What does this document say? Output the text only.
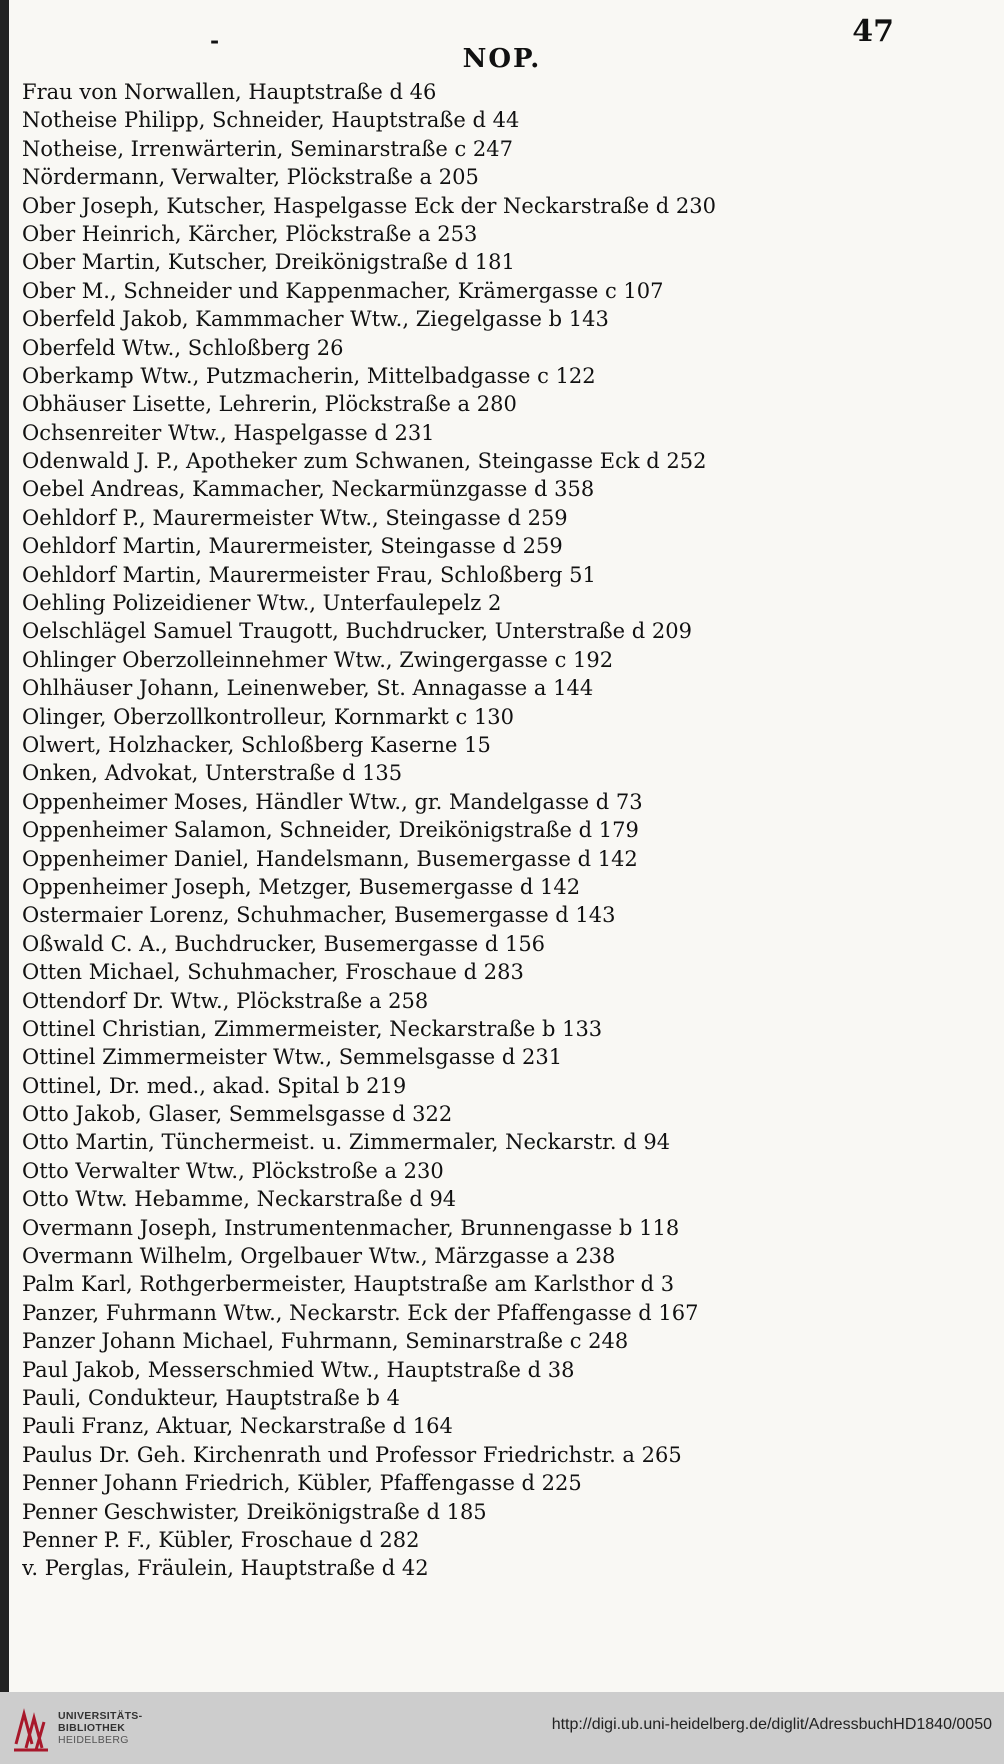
-	47
NOP.
Frau von Norwallen, Hauptstraße d 46
Notheise Philipp, Schneider, Hauptstraße d 44
Notheise, Irrenwärterin, Seminarstraße c 247
Nördermann, Verwalter, Plöckstraße a 205
Ober Joseph, Kutscher, Haspelgasse Eck der Neckarstraße d 230
Ober Heinrich, Kärcher, Plöckstraße a 253
Ober Martin, Kutscher, Dreikönigstraße d 181
Ober M., Schneider und Kappenmacher, Krämergasse c 107
Oberfeld Jakob, Kammmacher Wtw., Ziegelgasse b 143
Oberfeld Wtw., Schloßberg 26
Oberkamp Wtw., Putzmacherin, Mittelbadgasse c 122
Obhäuser Lisette, Lehrerin, Plöckstraße a 280
Ochsenreiter Wtw., Haspelgasse d 231
Odenwald J. P., Apotheker zum Schwanen, Steingasse Eck d 252
Oebel Andreas, Kammacher, Neckarmünzgasse d 358
Oehldorf P., Maurermeister Wtw., Steingasse d 259
Oehldorf Martin, Maurermeister, Steingasse d 259
Oehldorf Martin, Maurermeister Frau, Schloßberg 51
Oehling Polizeidiener Wtw., Unterfaulepelz 2
Oelschlägel Samuel Traugott, Buchdrucker, Unterstraße d 209
Ohlinger Oberzolleinnehmer Wtw., Zwingergasse c 192
Ohlhäuser Johann, Leinenweber, St. Annagasse a 144
Olinger, Oberzollkontrolleur, Kornmarkt c 130
Olwert, Holzhacker, Schloßberg Kaserne 15
Onken, Advokat, Unterstraße d 135
Oppenheimer Moses, Händler Wtw., gr. Mandelgasse d 73
Oppenheimer Salamon, Schneider, Dreikönigstraße d 179
Oppenheimer Daniel, Handelsmann, Busemergasse d 142
Oppenheimer Joseph, Metzger, Busemergasse d 142
Ostermaier Lorenz, Schuhmacher, Busemergasse d 143
Oßwald C. A., Buchdrucker, Busemergasse d 156
Otten Michael, Schuhmacher, Froschaue d 283
Ottendorf Dr. Wtw., Plöckstraße a 258
Ottinel Christian, Zimmermeister, Neckarstraße b 133
Ottinel Zimmermeister Wtw., Semmelsgasse d 231
Ottinel, Dr. med., akad. Spital b 219
Otto Jakob, Glaser, Semmelsgasse d 322
Otto Martin, Tünchermeist. u. Zimmermaler, Neckarstr. d 94
Otto Verwalter Wtw., Plöckstroße a 230
Otto Wtw. Hebamme, Neckarstraße d 94
Overmann Joseph, Instrumentenmacher, Brunnengasse b 118
Overmann Wilhelm, Orgelbauer Wtw., Märzgasse a 238
Palm Karl, Rothgerbermeister, Hauptstraße am Karlsthor d 3
Panzer, Fuhrmann Wtw., Neckarstr. Eck der Pfaffengasse d 167
Panzer Johann Michael, Fuhrmann, Seminarstraße c 248
Paul Jakob, Messerschmied Wtw., Hauptstraße d 38
Pauli, Condukteur, Hauptstraße b 4
Pauli Franz, Aktuar, Neckarstraße d 164
Paulus Dr. Geh. Kirchenrath und Professor Friedrichstr. a 265
Penner Johann Friedrich, Kübler, Pfaffengasse d 225
Penner Geschwister, Dreikönigstraße d 185
Penner P. F., Kübler, Froschaue d 282
v. Perglas, Fräulein, Hauptstraße d 42
UNIVERSITÄTS-
BIBLIOTHEK
HEIDELBERG
http://digi.ub.uni-heidelberg.de/diglit/AdressbuchHD1840/0050
